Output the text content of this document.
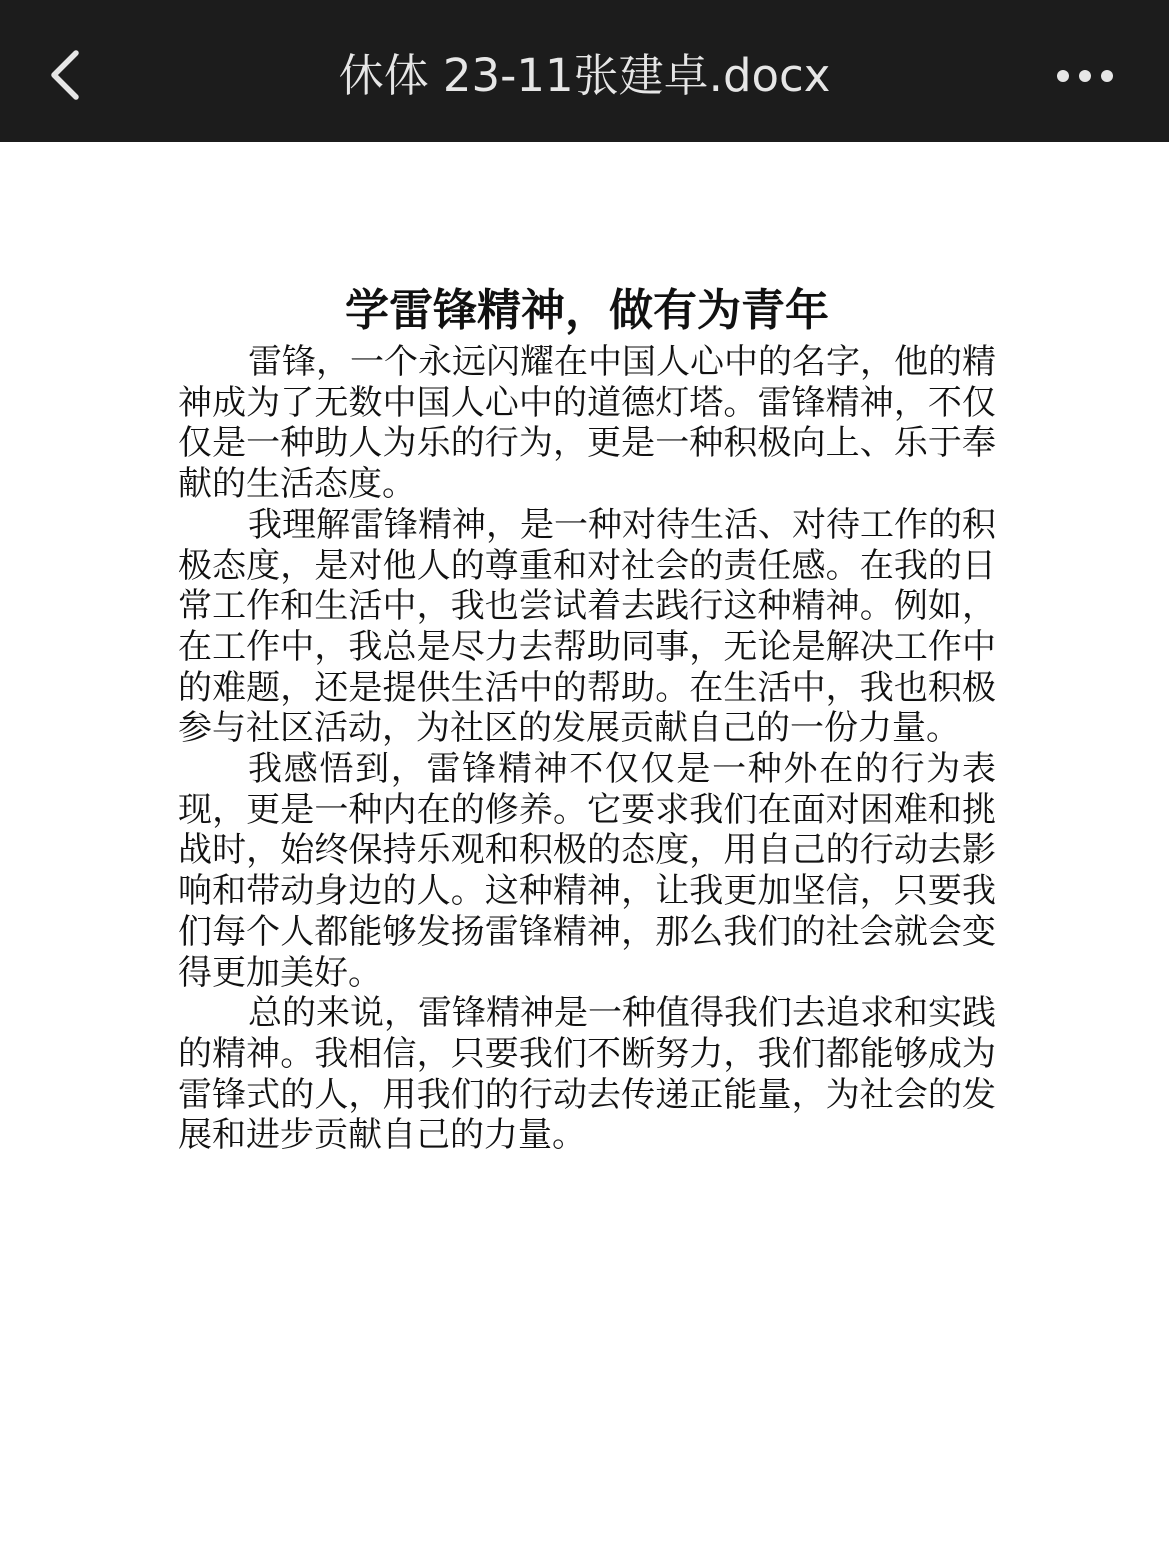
休体 23-11张建卓.docx
学雷锋精神，做有为青年

雷锋，一个永远闪耀在中国人心中的名字，他的精神成为了无数中国人心中的道德灯塔。雷锋精神，不仅仅是一种助人为乐的行为，更是一种积极向上、乐于奉献的生活态度。

我理解雷锋精神，是一种对待生活、对待工作的积极态度，是对他人的尊重和对社会的责任感。在我的日常工作和生活中，我也尝试着去践行这种精神。例如，在工作中，我总是尽力去帮助同事，无论是解决工作中的难题，还是提供生活中的帮助。在生活中，我也积极参与社区活动，为社区的发展贡献自己的一份力量。

我感悟到，雷锋精神不仅仅是一种外在的行为表现，更是一种内在的修养。它要求我们在面对困难和挑战时，始终保持乐观和积极的态度，用自己的行动去影响和带动身边的人。这种精神，让我更加坚信，只要我们每个人都能够发扬雷锋精神，那么我们的社会就会变得更加美好。

总的来说，雷锋精神是一种值得我们去追求和实践的精神。我相信，只要我们不断努力，我们都能够成为雷锋式的人，用我们的行动去传递正能量，为社会的发展和进步贡献自己的力量。
